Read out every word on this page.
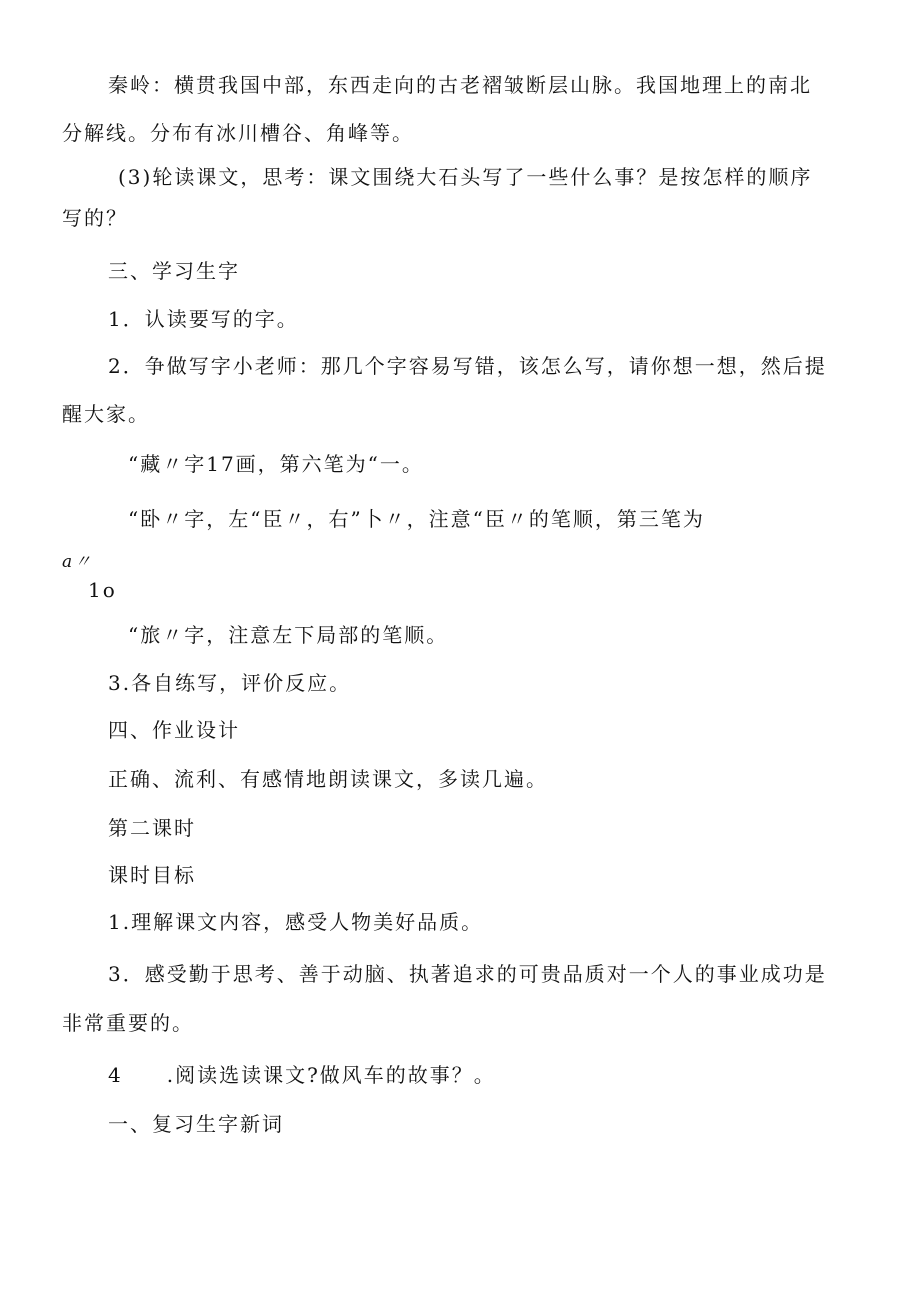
秦岭：横贯我国中部，东西走向的古老褶皱断层山脉。我国地理上的南北
分解线。分布有冰川槽谷、角峰等。
(3)轮读课文，思考：课文围绕大石头写了一些什么事？是按怎样的顺序
写的？
三、学习生字
1．认读要写的字。
2．争做写字小老师：那几个字容易写错，该怎么写，请你想一想，然后提
醒大家。
“藏〃字17画，第六笔为“一。
“卧〃字，左“臣〃，右”卜〃，注意“臣〃的笔顺，第三笔为
a〃
1o
“旅〃字，注意左下局部的笔顺。
3.各自练写，评价反应。
四、作业设计
正确、流利、有感情地朗读课文，多读几遍。
第二课时
课时目标
1.理解课文内容，感受人物美好品质。
3．感受勤于思考、善于动脑、执著追求的可贵品质对一个人的事业成功是
非常重要的。
4　　.阅读选读课文?做风车的故事？。
一、复习生字新词
